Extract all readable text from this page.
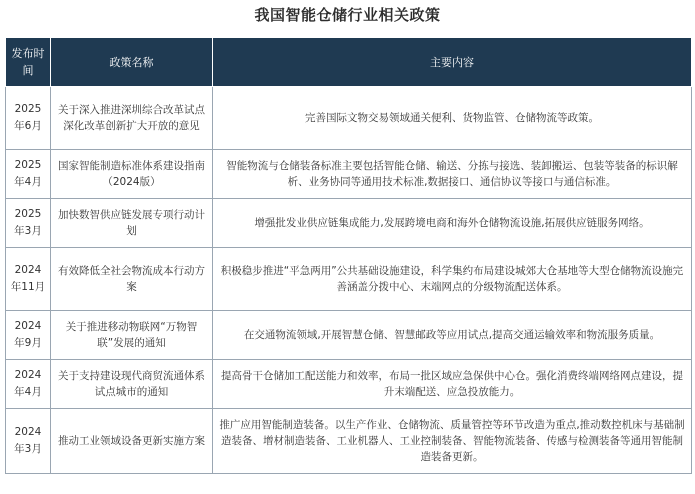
我国智能仓储行业相关政策
发布时间	政策名称	主要内容

2025
年6月	关于深入推进深圳综合改革试点 深化改革创新扩大开放的意见	完善国际文物交易领域通关便利、货物监管、仓储物流等政策。

2025
年4月	国家智能制造标准体系建设指南（2024版）	智能物流与仓储装备标准主要包括智能仓储、输送、分拣与接选、装卸搬运、包装等装备的标识解析、业务协同等通用技术标准,数据接口、通信协议等接口与通信标准。

2025
年3月	加快数智供应链发展专项行动计划	增强批发业供应链集成能力,发展跨境电商和海外仓储物流设施,拓展供应链服务网络。

2024
年11月	有效降低全社会物流成本行动方案	积极稳步推进“平急两用”公共基础设施建设，科学集约布局建设城郊大仓基地等大型仓储物流设施完善涵盖分拨中心、末端网点的分级物流配送体系。

2024
年9月	关于推进移动物联网“万物智联”发展的通知	在交通物流领域,开展智慧仓储、智慧邮政等应用试点,提高交通运输效率和物流服务质量。

2024
年4月	关于支持建设现代商贸流通体系试点城市的通知	提高骨干仓储加工配送能力和效率，布局一批区域应急保供中心仓。强化消费终端网络网点建设，提升末端配送、应急投放能力。

2024
年3月	推动工业领域设备更新实施方案	推广应用智能制造装备。以生产作业、仓储物流、质量管控等环节改造为重点,推动数控机床与基础制造装备、增材制造装备、工业机器人、工业控制装备、智能物流装备、传感与检测装备等通用智能制造装备更新。
